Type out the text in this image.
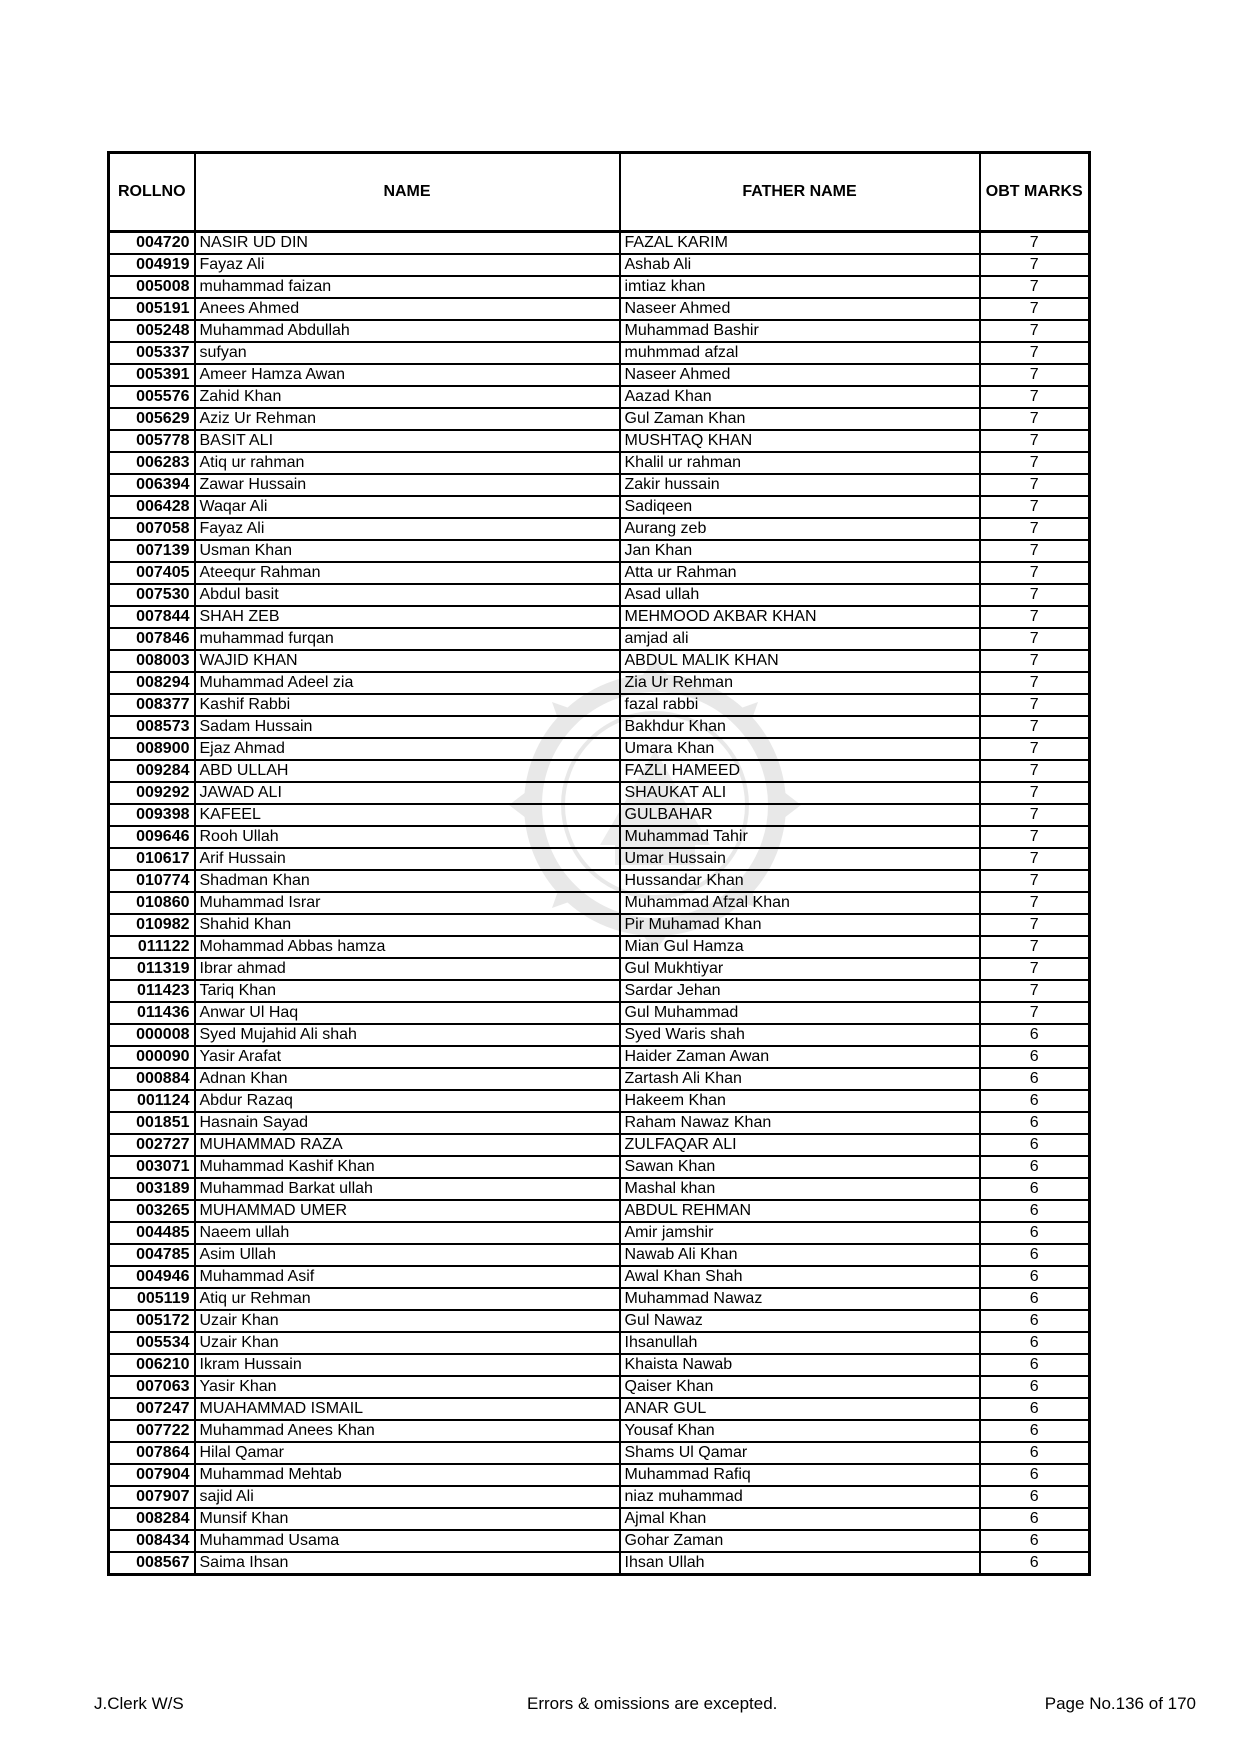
ROLLNO	NAME	FATHER NAME	OBT MARKS
004720	NASIR UD DIN	FAZAL KARIM	7
004919	Fayaz Ali	Ashab Ali	7
005008	muhammad faizan	imtiaz khan	7
005191	Anees Ahmed	Naseer Ahmed	7
005248	Muhammad Abdullah	Muhammad Bashir	7
005337	sufyan	muhmmad afzal	7
005391	Ameer Hamza Awan	Naseer Ahmed	7
005576	Zahid Khan	Aazad Khan	7
005629	Aziz Ur Rehman	Gul Zaman Khan	7
005778	BASIT ALI	MUSHTAQ KHAN	7
006283	Atiq ur rahman	Khalil ur rahman	7
006394	Zawar Hussain	Zakir hussain	7
006428	Waqar Ali	Sadiqeen	7
007058	Fayaz Ali	Aurang zeb	7
007139	Usman Khan	Jan Khan	7
007405	Ateequr Rahman	Atta ur Rahman	7
007530	Abdul basit	Asad ullah	7
007844	SHAH ZEB	MEHMOOD AKBAR KHAN	7
007846	muhammad furqan	amjad ali	7
008003	WAJID KHAN	ABDUL MALIK KHAN	7
008294	Muhammad Adeel zia	Zia Ur Rehman	7
008377	Kashif Rabbi	fazal rabbi	7
008573	Sadam Hussain	Bakhdur Khan	7
008900	Ejaz Ahmad	Umara Khan	7
009284	ABD ULLAH	FAZLI HAMEED	7
009292	JAWAD ALI	SHAUKAT ALI	7
009398	KAFEEL	GULBAHAR	7
009646	Rooh Ullah	Muhammad Tahir	7
010617	Arif Hussain	Umar Hussain	7
010774	Shadman Khan	Hussandar Khan	7
010860	Muhammad Israr	Muhammad Afzal Khan	7
010982	Shahid Khan	Pir Muhamad Khan	7
011122	Mohammad Abbas hamza	Mian Gul Hamza	7
011319	Ibrar ahmad	Gul Mukhtiyar	7
011423	Tariq Khan	Sardar Jehan	7
011436	Anwar Ul Haq	Gul Muhammad	7
000008	Syed Mujahid Ali shah	Syed Waris shah	6
000090	Yasir Arafat	Haider Zaman Awan	6
000884	Adnan Khan	Zartash Ali Khan	6
001124	Abdur Razaq	Hakeem Khan	6
001851	Hasnain Sayad	Raham Nawaz Khan	6
002727	MUHAMMAD RAZA	ZULFAQAR ALI	6
003071	Muhammad Kashif Khan	Sawan Khan	6
003189	Muhammad Barkat ullah	Mashal khan	6
003265	MUHAMMAD UMER	ABDUL REHMAN	6
004485	Naeem ullah	Amir jamshir	6
004785	Asim Ullah	Nawab Ali Khan	6
004946	Muhammad Asif	Awal Khan Shah	6
005119	Atiq ur Rehman	Muhammad Nawaz	6
005172	Uzair Khan	Gul Nawaz	6
005534	Uzair Khan	Ihsanullah	6
006210	Ikram Hussain	Khaista Nawab	6
007063	Yasir Khan	Qaiser Khan	6
007247	MUAHAMMAD ISMAIL	ANAR GUL	6
007722	Muhammad Anees Khan	Yousaf Khan	6
007864	Hilal Qamar	Shams Ul Qamar	6
007904	Muhammad Mehtab	Muhammad Rafiq	6
007907	sajid Ali	niaz muhammad	6
008284	Munsif Khan	Ajmal Khan	6
008434	Muhammad Usama	Gohar Zaman	6
008567	Saima Ihsan	Ihsan Ullah	6
J.Clerk W/S	Errors & omissions are excepted.	Page No.136 of 170
